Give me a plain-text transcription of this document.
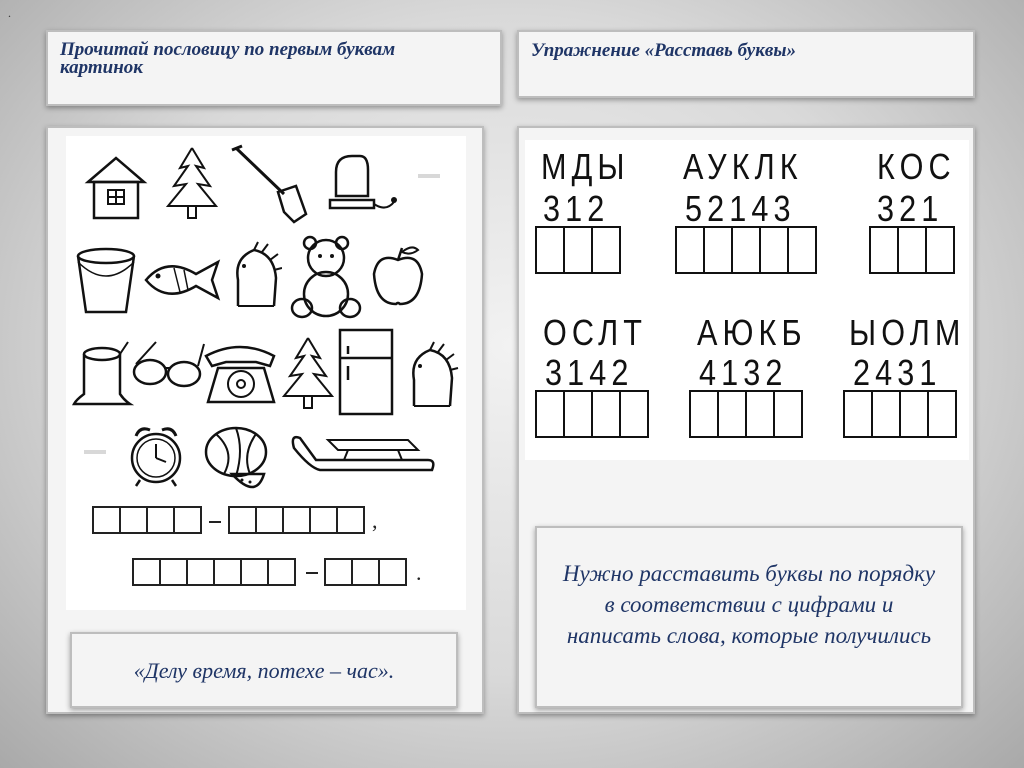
.
Прочитай пословицу по первым буквам картинок
Упражнение «Расставь буквы»
,
.
«Делу время, потехе – час».
МДЫ
312
АУКЛК
52143
КОС
321
ОСЛТ
3142
АЮКБ
4132
ЫОЛМ
2431
Нужно расставить буквы по порядку в соответствии с цифрами и написать слова, которые получились
